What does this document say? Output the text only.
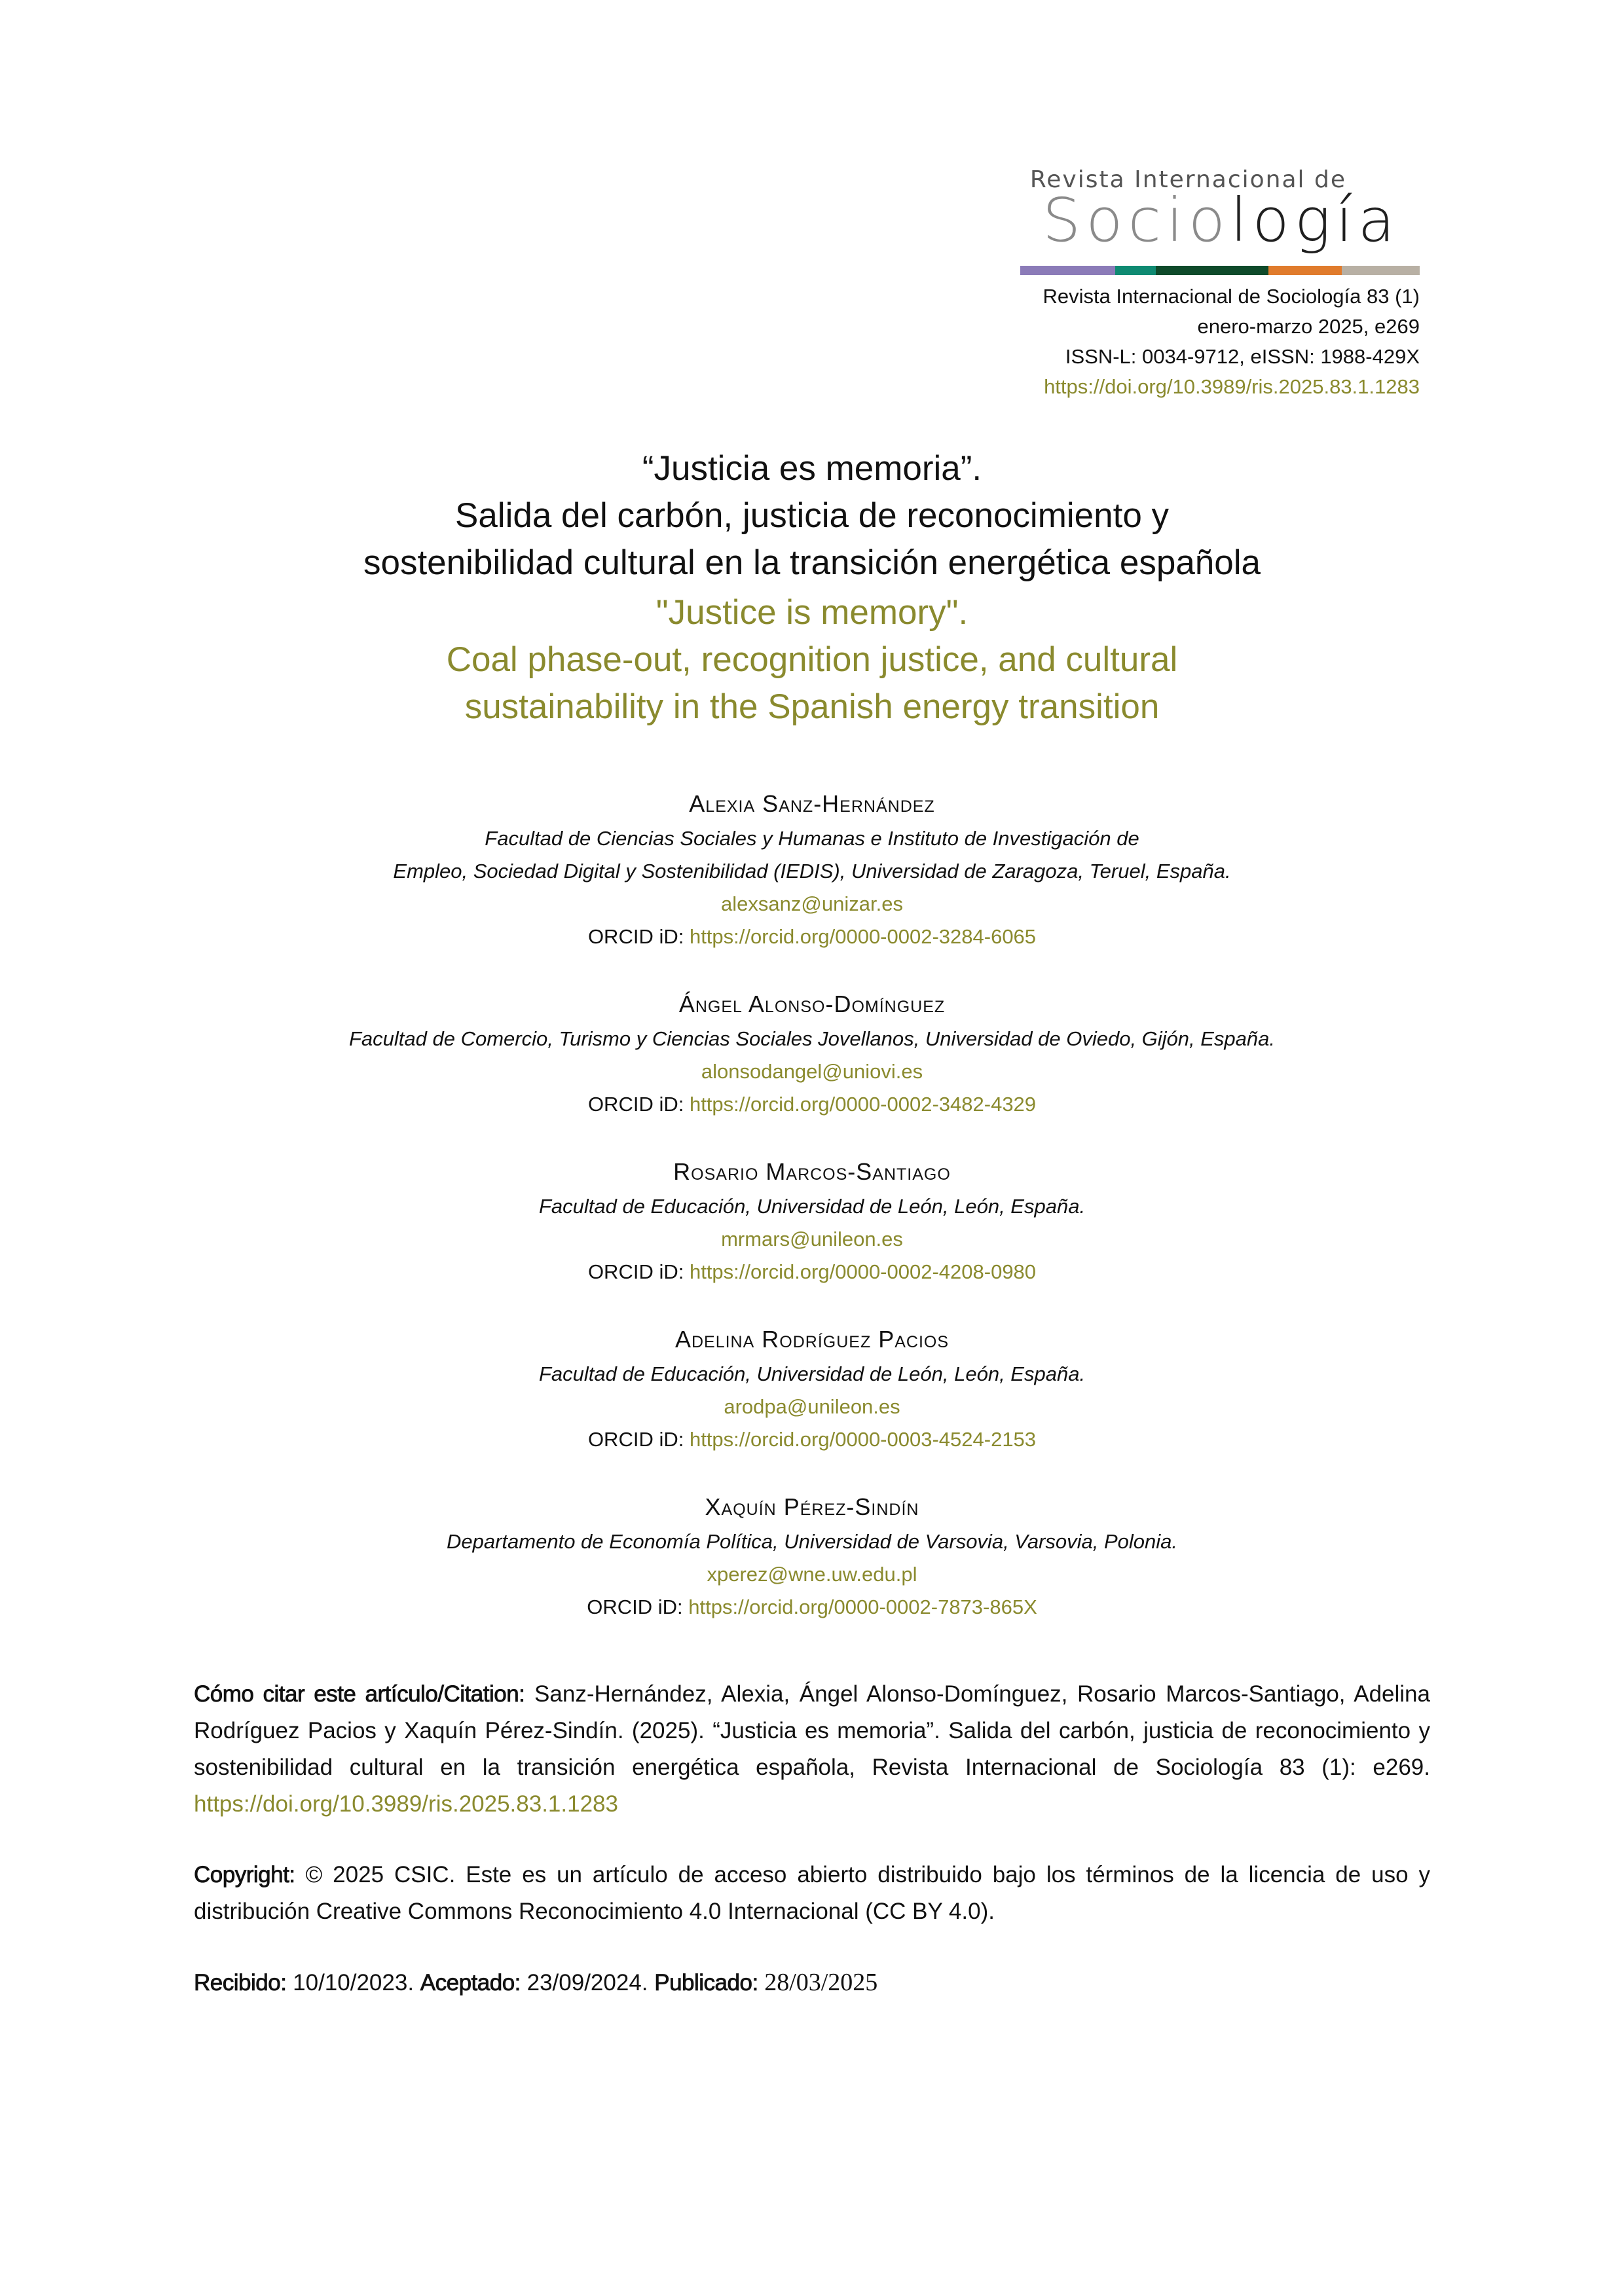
Revista Internacional de
Sociología
Revista Internacional de Sociología 83 (1)
enero-marzo 2025, e269
ISSN-L: 0034-9712, eISSN: 1988-429X
https://doi.org/10.3989/ris.2025.83.1.1283
“Justicia es memoria”.
Salida del carbón, justicia de reconocimiento y
sostenibilidad cultural en la transición energética española
"Justice is memory".
Coal phase-out, recognition justice, and cultural
sustainability in the Spanish energy transition
Alexia Sanz-Hernández
Facultad de Ciencias Sociales y Humanas e Instituto de Investigación de
Empleo, Sociedad Digital y Sostenibilidad (IEDIS), Universidad de Zaragoza, Teruel, España.
alexsanz@unizar.es
ORCID iD: https://orcid.org/0000-0002-3284-6065
Ángel Alonso-Domínguez
Facultad de Comercio, Turismo y Ciencias Sociales Jovellanos, Universidad de Oviedo, Gijón, España.
alonsodangel@uniovi.es
ORCID iD: https://orcid.org/0000-0002-3482-4329
Rosario Marcos-Santiago
Facultad de Educación, Universidad de León, León, España.
mrmars@unileon.es
ORCID iD: https://orcid.org/0000-0002-4208-0980
Adelina Rodríguez Pacios
Facultad de Educación, Universidad de León, León, España.
arodpa@unileon.es
ORCID iD: https://orcid.org/0000-0003-4524-2153
Xaquín Pérez-Sindín
Departamento de Economía Política, Universidad de Varsovia, Varsovia, Polonia.
xperez@wne.uw.edu.pl
ORCID iD: https://orcid.org/0000-0002-7873-865X

Cómo citar este artículo/Citation: Sanz-Hernández, Alexia, Ángel Alonso-Domínguez, Rosario Marcos-Santiago, Adelina Rodríguez Pacios y Xaquín Pérez-Sindín. (2025). “Justicia es memoria”. Salida del carbón, justicia de reconocimiento y sostenibilidad cultural en la transición energética española, Revista Internacional de Sociología 83 (1): e269. https://doi.org/10.3989/ris.2025.83.1.1283

Copyright: © 2025 CSIC. Este es un artículo de acceso abierto distribuido bajo los términos de la licencia de uso y distribución Creative Commons Reconocimiento 4.0 Internacional (CC BY 4.0).

Recibido: 10/10/2023. Aceptado: 23/09/2024. Publicado: 28/03/2025
